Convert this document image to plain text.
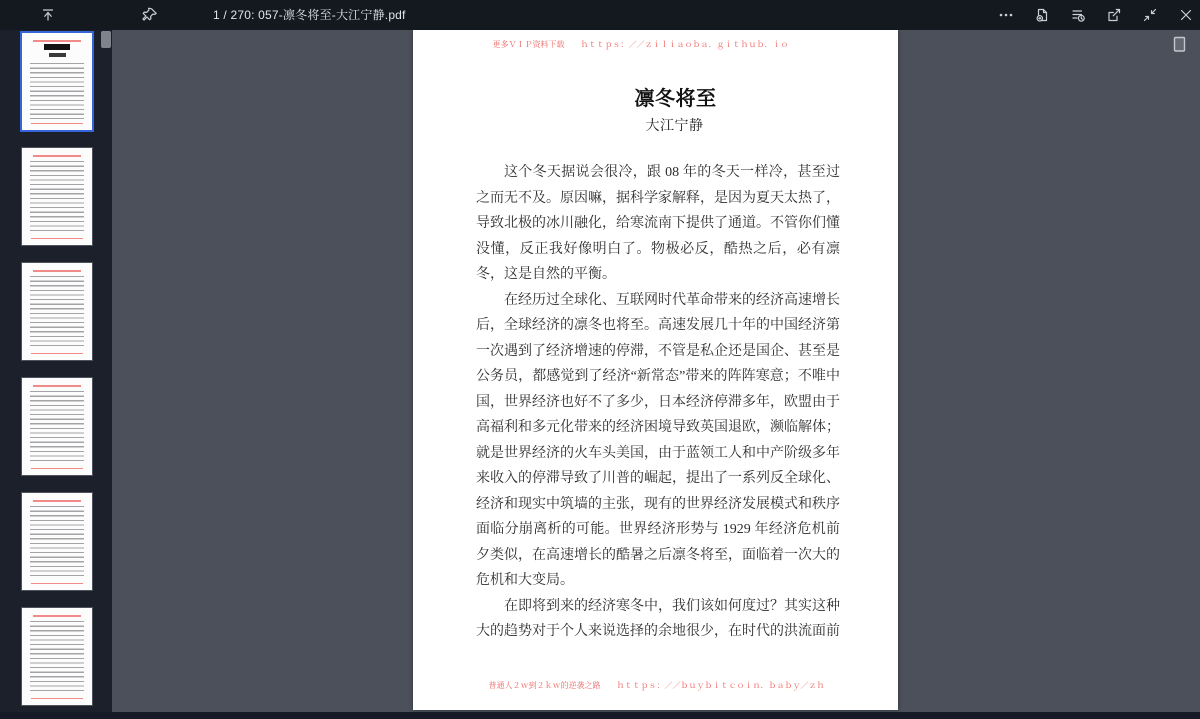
1 / 270: 057-凛冬将至-大江宁静.pdf
更多ＶＩＰ资料下载　　ｈｔｔｐｓ：／／ｚｉｌｉａｏｂａ．ｇｉｔｈｕｂ．ｉｏ
凛冬将至
大江宁静

这个冬天据说会很冷，跟 08 年的冬天一样冷，甚至过之而无不及。原因嘛，据科学家解释，是因为夏天太热了，导致北极的冰川融化，给寒流南下提供了通道。不管你们懂没懂，反正我好像明白了。物极必反，酷热之后，必有凛冬，这是自然的平衡。

在经历过全球化、互联网时代革命带来的经济高速增长后，全球经济的凛冬也将至。高速发展几十年的中国经济第一次遇到了经济增速的停滞，不管是私企还是国企、甚至是公务员，都感觉到了经济“新常态”带来的阵阵寒意；不唯中国，世界经济也好不了多少，日本经济停滞多年，欧盟由于高福利和多元化带来的经济困境导致英国退欧，濒临解体；就是世界经济的火车头美国，由于蓝领工人和中产阶级多年来收入的停滞导致了川普的崛起，提出了一系列反全球化、经济和现实中筑墙的主张，现有的世界经济发展模式和秩序面临分崩离析的可能。世界经济形势与 1929 年经济危机前夕类似，在高速增长的酷暑之后凛冬将至，面临着一次大的危机和大变局。

在即将到来的经济寒冬中，我们该如何度过？其实这种大的趋势对于个人来说选择的余地很少，在时代的洪流面前

普通人２ｗ到２ｋｗ的逆袭之路　　ｈｔｔｐｓ：／／ｂｕｙｂｉｔｃｏｉｎ．ｂａｂｙ／ｚｈ
